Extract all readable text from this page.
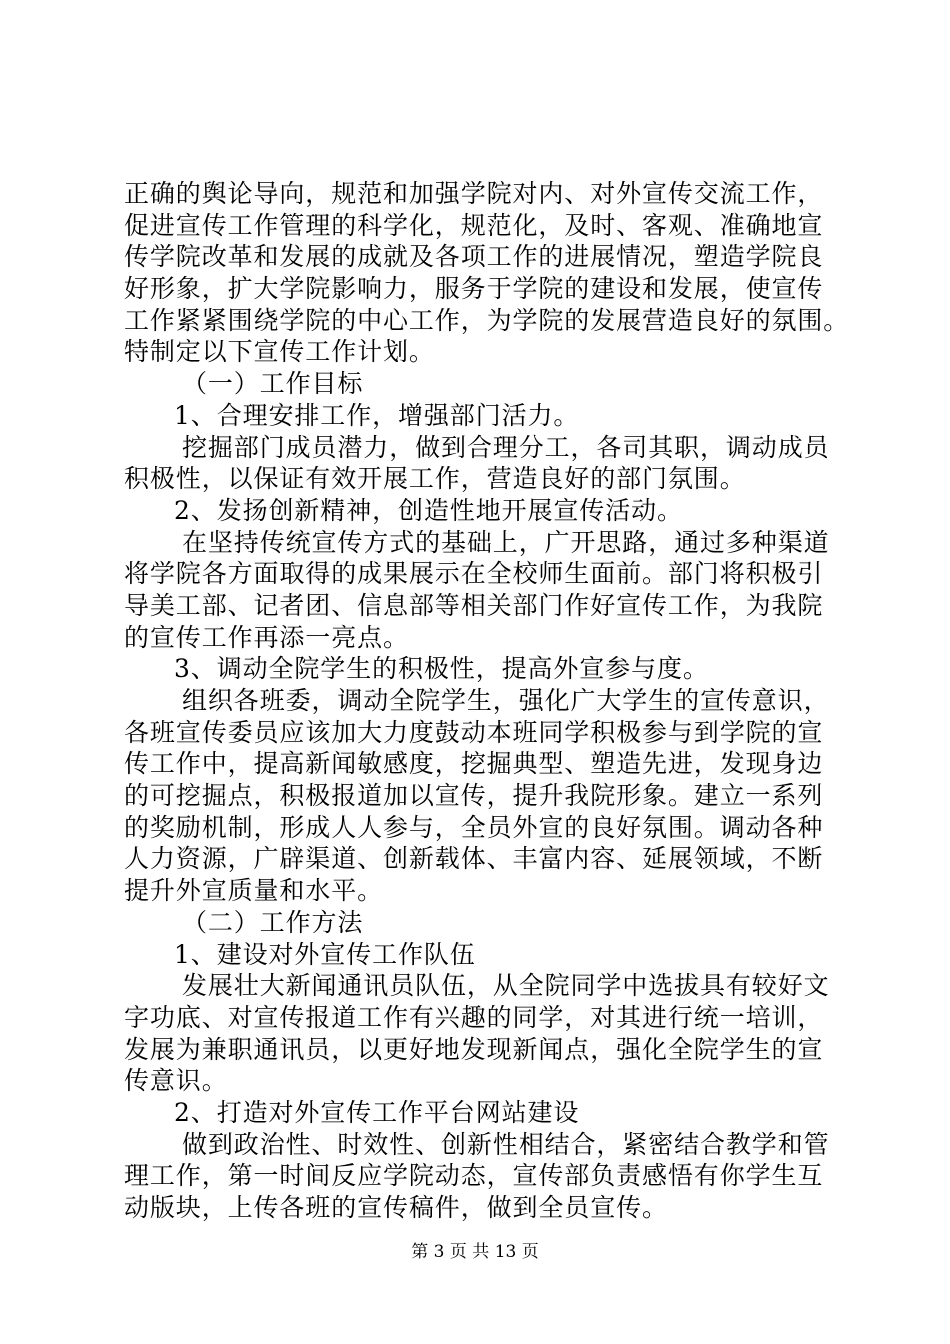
正确的舆论导向，规范和加强学院对内、对外宣传交流工作，
促进宣传工作管理的科学化，规范化，及时、客观、准确地宣
传学院改革和发展的成就及各项工作的进展情况，塑造学院良
好形象，扩大学院影响力，服务于学院的建设和发展，使宣传
工作紧紧围绕学院的中心工作，为学院的发展营造良好的氛围。
特制定以下宣传工作计划。
（一）工作目标
1、合理安排工作，增强部门活力。
挖掘部门成员潜力，做到合理分工，各司其职，调动成员
积极性，以保证有效开展工作，营造良好的部门氛围。
2、发扬创新精神，创造性地开展宣传活动。
在坚持传统宣传方式的基础上，广开思路，通过多种渠道
将学院各方面取得的成果展示在全校师生面前。部门将积极引
导美工部、记者团、信息部等相关部门作好宣传工作，为我院
的宣传工作再添一亮点。
3、调动全院学生的积极性，提高外宣参与度。
组织各班委，调动全院学生，强化广大学生的宣传意识，
各班宣传委员应该加大力度鼓动本班同学积极参与到学院的宣
传工作中，提高新闻敏感度，挖掘典型、塑造先进，发现身边
的可挖掘点，积极报道加以宣传，提升我院形象。建立一系列
的奖励机制，形成人人参与，全员外宣的良好氛围。调动各种
人力资源，广辟渠道、创新载体、丰富内容、延展领域，不断
提升外宣质量和水平。
（二）工作方法
1、建设对外宣传工作队伍
发展壮大新闻通讯员队伍，从全院同学中选拔具有较好文
字功底、对宣传报道工作有兴趣的同学，对其进行统一培训，
发展为兼职通讯员，以更好地发现新闻点，强化全院学生的宣
传意识。
2、打造对外宣传工作平台网站建设
做到政治性、时效性、创新性相结合，紧密结合教学和管
理工作，第一时间反应学院动态，宣传部负责感悟有你学生互
动版块，上传各班的宣传稿件，做到全员宣传。
第 3 页 共 13 页
